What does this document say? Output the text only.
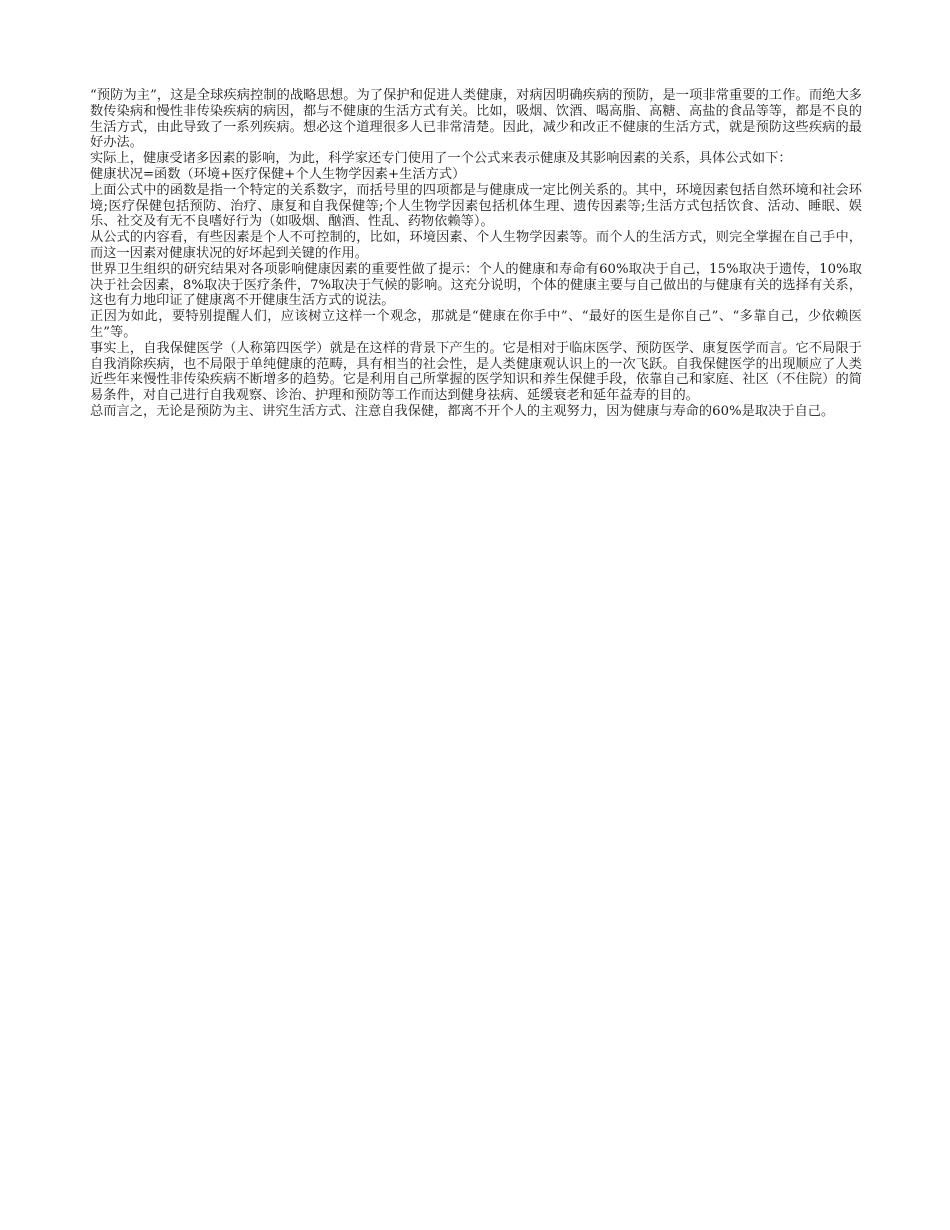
“预防为主”，这是全球疾病控制的战略思想。为了保护和促进人类健康，对病因明确疾病的预防，是一项非常重要的工作。而绝大多数传染病和慢性非传染疾病的病因，都与不健康的生活方式有关。比如，吸烟、饮酒、喝高脂、高糖、高盐的食品等等，都是不良的生活方式，由此导致了一系列疾病。想必这个道理很多人已非常清楚。因此，减少和改正不健康的生活方式，就是预防这些疾病的最好办法。

实际上，健康受诸多因素的影响，为此，科学家还专门使用了一个公式来表示健康及其影响因素的关系，具体公式如下：

健康状况=函数（环境+医疗保健+个人生物学因素+生活方式）

上面公式中的函数是指一个特定的关系数字，而括号里的四项都是与健康成一定比例关系的。其中，环境因素包括自然环境和社会环境;医疗保健包括预防、治疗、康复和自我保健等;个人生物学因素包括机体生理、遗传因素等;生活方式包括饮食、活动、睡眠、娱乐、社交及有无不良嗜好行为（如吸烟、酗酒、性乱、药物依赖等）。

从公式的内容看，有些因素是个人不可控制的，比如，环境因素、个人生物学因素等。而个人的生活方式，则完全掌握在自己手中，而这一因素对健康状况的好坏起到关键的作用。

世界卫生组织的研究结果对各项影响健康因素的重要性做了提示：个人的健康和寿命有60%取决于自己，15%取决于遗传，10%取决于社会因素，8%取决于医疗条件，7%取决于气候的影响。这充分说明，个体的健康主要与自己做出的与健康有关的选择有关系，这也有力地印证了健康离不开健康生活方式的说法。

正因为如此，要特别提醒人们，应该树立这样一个观念，那就是“健康在你手中”、“最好的医生是你自己”、“多靠自己，少依赖医生”等。

事实上，自我保健医学（人称第四医学）就是在这样的背景下产生的。它是相对于临床医学、预防医学、康复医学而言。它不局限于自我消除疾病，也不局限于单纯健康的范畴，具有相当的社会性，是人类健康观认识上的一次飞跃。自我保健医学的出现顺应了人类近些年来慢性非传染疾病不断增多的趋势。它是利用自己所掌握的医学知识和养生保健手段，依靠自己和家庭、社区（不住院）的简易条件，对自己进行自我观察、诊治、护理和预防等工作而达到健身祛病、延缓衰老和延年益寿的目的。

总而言之，无论是预防为主、讲究生活方式、注意自我保健，都离不开个人的主观努力，因为健康与寿命的60%是取决于自己。
